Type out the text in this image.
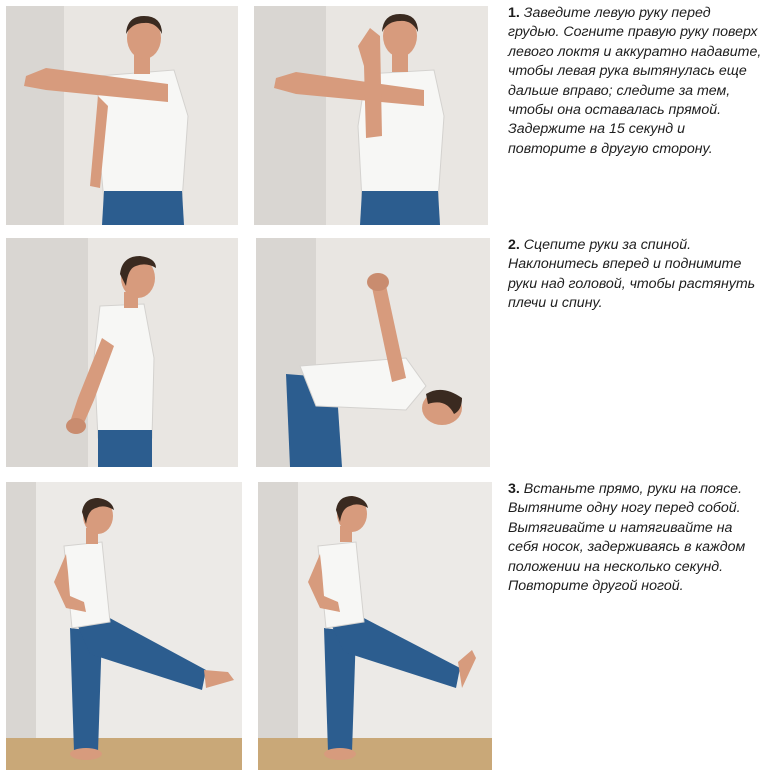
1. Заведите левую руку перед грудью. Согните правую руку поверх левого локтя и аккуратно надавите, чтобы левая рука вытянулась еще дальше вправо; следите за тем, чтобы она оставалась прямой. Задержите на 15 секунд и повторите в другую сторону.
2. Сцепите руки за спиной. Наклонитесь вперед и поднимите руки над головой, чтобы растянуть плечи и спину.
3. Встаньте прямо, руки на поясе. Вытяните одну ногу перед собой. Вытягивайте и натягивайте на себя носок, задерживаясь в каждом положении на несколько секунд. Повторите другой ногой.
